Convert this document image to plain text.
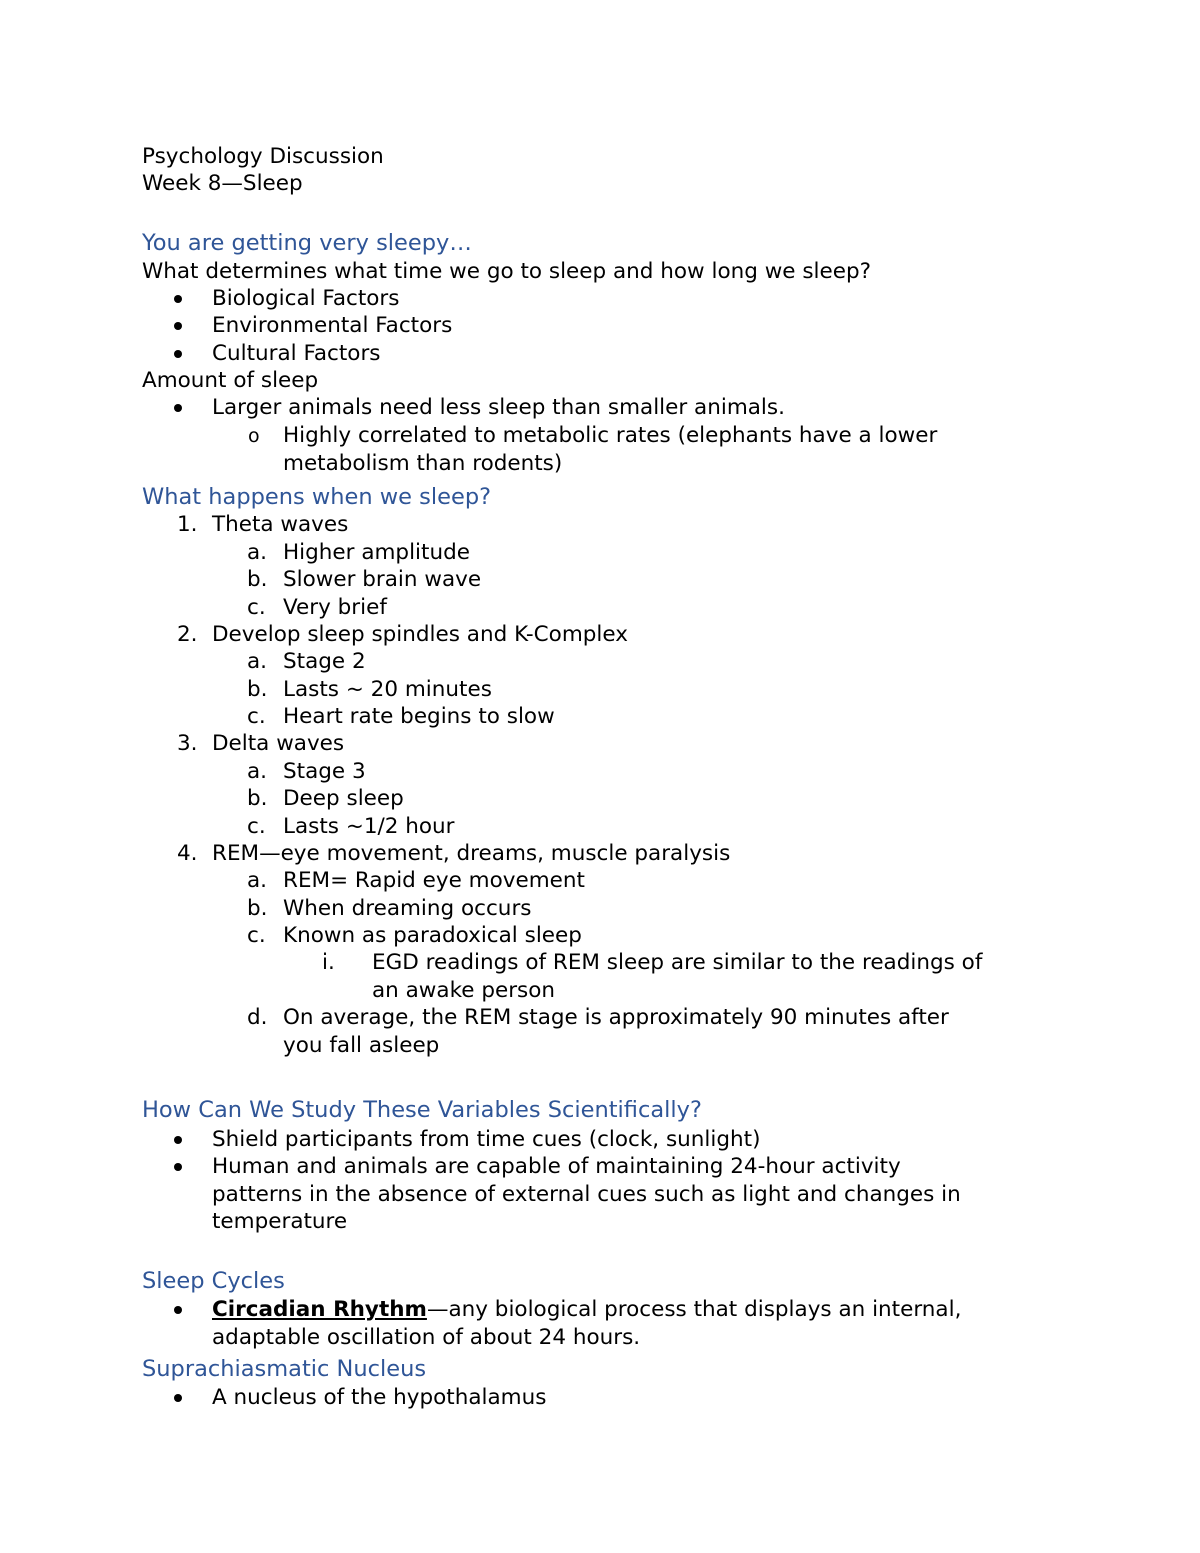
Psychology Discussion
Week 8—Sleep
You are getting very sleepy…
What determines what time we go to sleep and how long we sleep?
Biological Factors
Environmental Factors
Cultural Factors
Amount of sleep
Larger animals need less sleep than smaller animals.
o Highly correlated to metabolic rates (elephants have a lower
metabolism than rodents)
What happens when we sleep?
1. Theta waves
a. Higher amplitude
b. Slower brain wave
c. Very brief
2. Develop sleep spindles and K-Complex
a. Stage 2
b. Lasts ~ 20 minutes
c. Heart rate begins to slow
3. Delta waves
a. Stage 3
b. Deep sleep
c. Lasts ~1/2 hour
4. REM—eye movement, dreams, muscle paralysis
a. REM= Rapid eye movement
b. When dreaming occurs
c. Known as paradoxical sleep
i. EGD readings of REM sleep are similar to the readings of
an awake person
d. On average, the REM stage is approximately 90 minutes after
you fall asleep
How Can We Study These Variables Scientifically?
Shield participants from time cues (clock, sunlight)
Human and animals are capable of maintaining 24-hour activity
patterns in the absence of external cues such as light and changes in
temperature
Sleep Cycles
Circadian Rhythm—any biological process that displays an internal,
adaptable oscillation of about 24 hours.
Suprachiasmatic Nucleus
A nucleus of the hypothalamus
